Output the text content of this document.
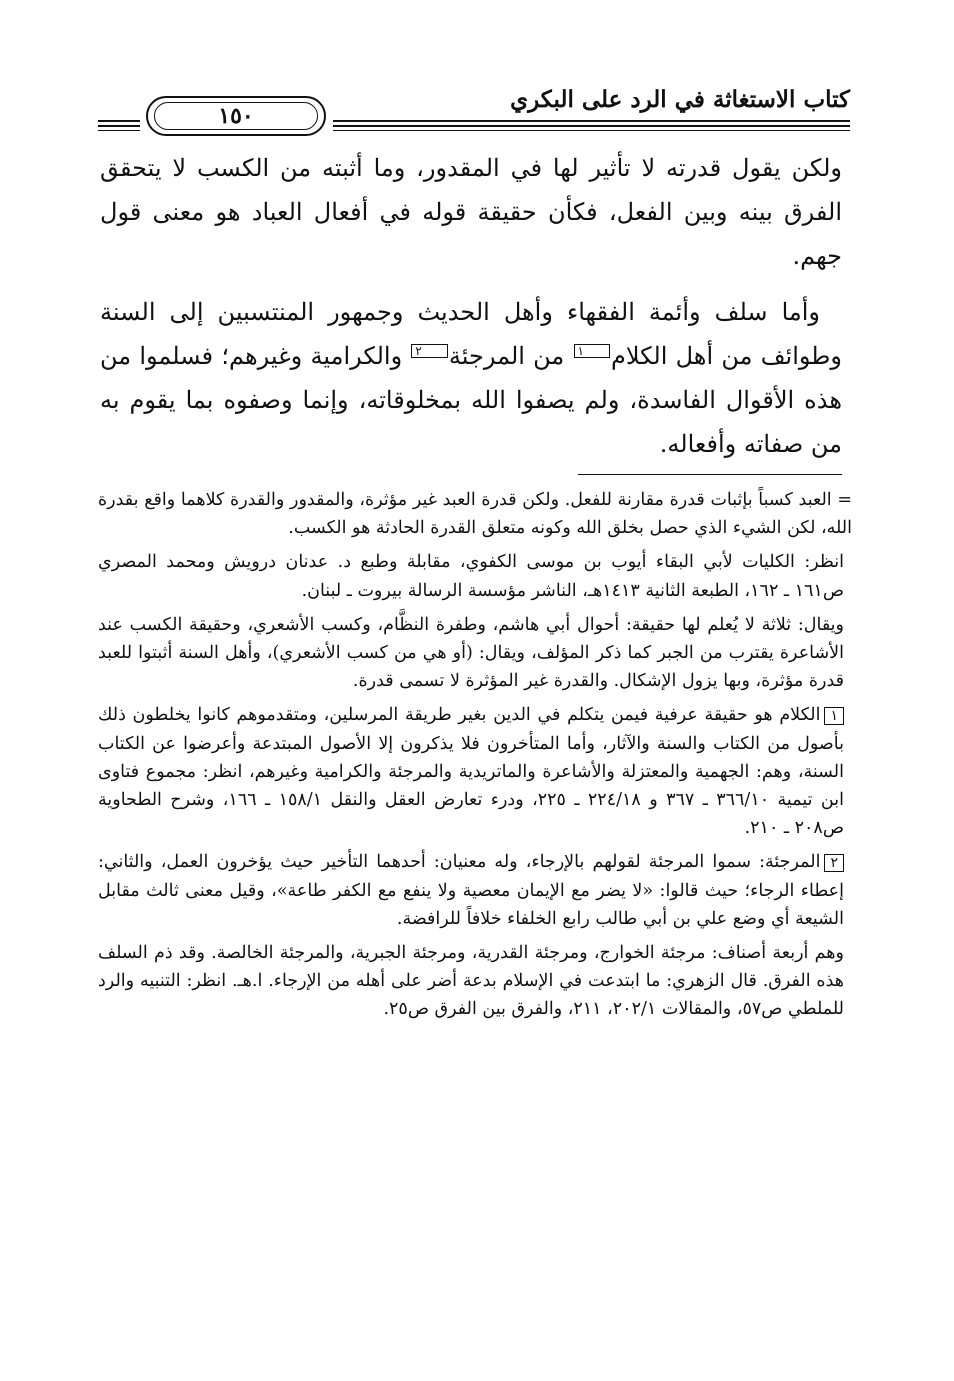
كتاب الاستغاثة في الرد على البكري
١٥٠

ولكن يقول قدرته لا تأثير لها في المقدور، وما أثبته من الكسب لا يتحقق الفرق بينه وبين الفعل، فكأن حقيقة قوله في أفعال العباد هو معنى قول جهم.

وأما سلف وأئمة الفقهاء وأهل الحديث وجمهور المنتسبين إلى السنة وطوائف من أهل الكلام١ من المرجئة٢ والكرامية وغيرهم؛ فسلموا من هذه الأقوال الفاسدة، ولم يصفوا الله بمخلوقاته، وإنما وصفوه بما يقوم به من صفاته وأفعاله.

= العبد كسباً بإثبات قدرة مقارنة للفعل. ولكن قدرة العبد غير مؤثرة، والمقدور والقدرة كلاهما واقع بقدرة الله، لكن الشيء الذي حصل بخلق الله وكونه متعلق القدرة الحادثة هو الكسب.

انظر: الكليات لأبي البقاء أيوب بن موسى الكفوي، مقابلة وطبع د. عدنان درويش ومحمد المصري ص١٦١ ـ ١٦٢، الطبعة الثانية ١٤١٣هـ، الناشر مؤسسة الرسالة بيروت ـ لبنان.

ويقال: ثلاثة لا يُعلم لها حقيقة: أحوال أبي هاشم، وطفرة النظَّام، وكسب الأشعري، وحقيقة الكسب عند الأشاعرة يقترب من الجبر كما ذكر المؤلف، ويقال: (أو هي من كسب الأشعري)، وأهل السنة أثبتوا للعبد قدرة مؤثرة، وبها يزول الإشكال. والقدرة غير المؤثرة لا تسمى قدرة.

١الكلام هو حقيقة عرفية فيمن يتكلم في الدين بغير طريقة المرسلين، ومتقدموهم كانوا يخلطون ذلك بأصول من الكتاب والسنة والآثار، وأما المتأخرون فلا يذكرون إلا الأصول المبتدعة وأعرضوا عن الكتاب السنة، وهم: الجهمية والمعتزلة والأشاعرة والماتريدية والمرجئة والكرامية وغيرهم، انظر: مجموع فتاوى ابن تيمية ٣٦٦/١٠ ـ ٣٦٧ و ٢٢٤/١٨ ـ ٢٢٥، ودرء تعارض العقل والنقل ١٥٨/١ ـ ١٦٦، وشرح الطحاوية ص٢٠٨ ـ ٢١٠.

٢المرجئة: سموا المرجئة لقولهم بالإرجاء، وله معنيان: أحدهما التأخير حيث يؤخرون العمل، والثاني: إعطاء الرجاء؛ حيث قالوا: «لا يضر مع الإيمان معصية ولا ينفع مع الكفر طاعة»، وقيل معنى ثالث مقابل الشيعة أي وضع علي بن أبي طالب رابع الخلفاء خلافاً للرافضة.

وهم أربعة أصناف: مرجئة الخوارج، ومرجئة القدرية، ومرجئة الجبرية، والمرجئة الخالصة. وقد ذم السلف هذه الفرق. قال الزهري: ما ابتدعت في الإسلام بدعة أضر على أهله من الإرجاء. ا.هـ. انظر: التنبيه والرد للملطي ص٥٧، والمقالات ٢٠٢/١، ٢١١، والفرق بين الفرق ص٢٥.
